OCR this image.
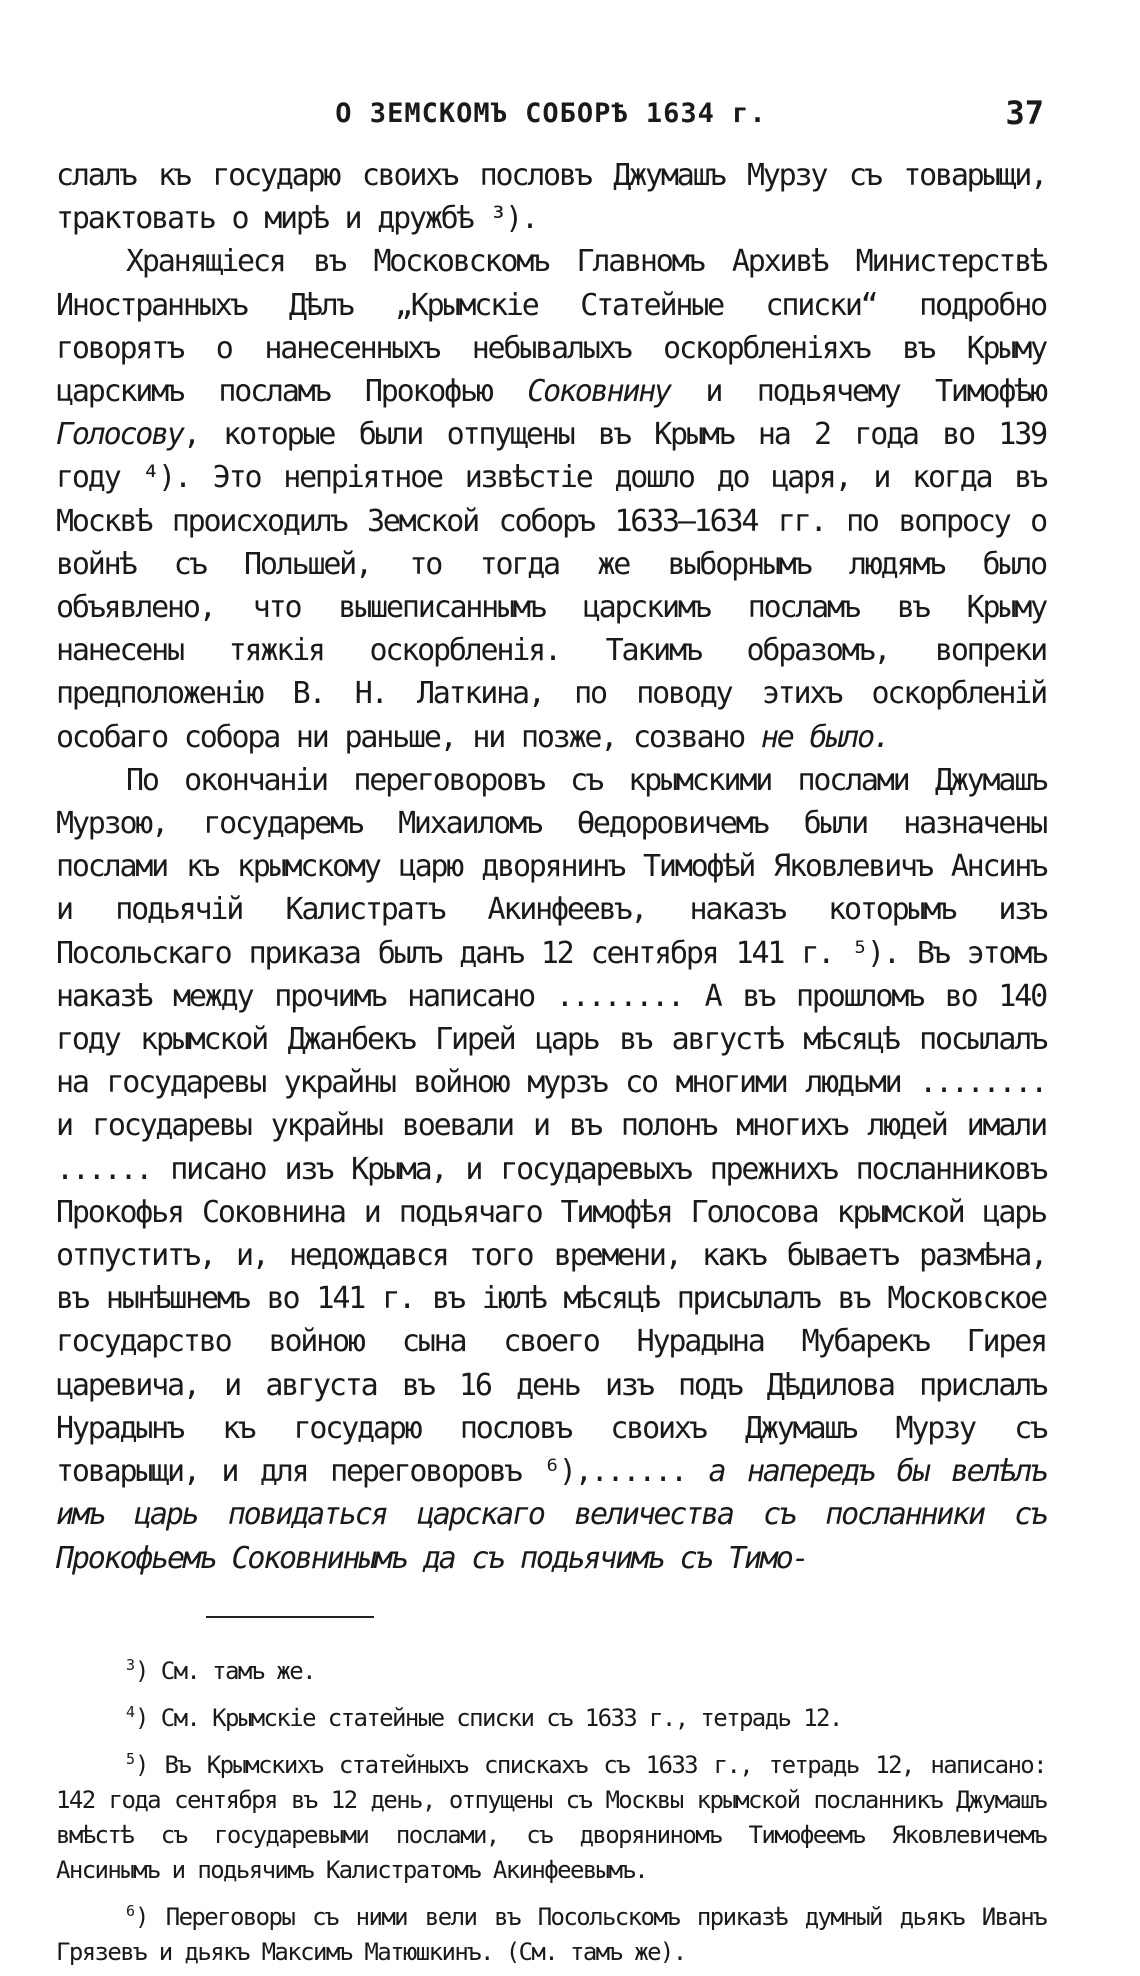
О ЗЕМСКОМЪ СОБОРѢ 1634 г.	37

слалъ къ государю своихъ пословъ Джумашъ Мурзу съ товарыщи, трактовать о мирѣ и дружбѣ ³).

Хранящіеся въ Московскомъ Главномъ Архивѣ Министерствѣ Иностранныхъ Дѣлъ „Крымскіе Статейные списки“ подробно говорятъ о нанесенныхъ небывалыхъ оскорбленіяхъ въ Крыму царскимъ посламъ Прокофью Соковнину и подьячему Тимофѣю Голосову, которые были отпущены въ Крымъ на 2 года во 139 году ⁴). Это непріятное извѣстіе дошло до царя, и когда въ Москвѣ происходилъ Земской соборъ 1633—1634 гг. по вопросу о войнѣ съ Польшей, то тогда же выборнымъ людямъ было объявлено, что вышеписаннымъ царскимъ посламъ въ Крыму нанесены тяжкія оскорбленія. Такимъ образомъ, вопреки предположенію В. Н. Латкина, по поводу этихъ оскорбленій особаго собора ни раньше, ни позже, созвано не было.

По окончаніи переговоровъ съ крымскими послами Джумашъ Мурзою, государемъ Михаиломъ Ѳедоровичемъ были назначены послами къ крымскому царю дворянинъ Тимофѣй Яковлевичъ Ансинъ и подьячій Калистратъ Акинфеевъ, наказъ которымъ изъ Посольскаго приказа былъ данъ 12 сентября 141 г. ⁵). Въ этомъ наказѣ между прочимъ написано ........ А въ прошломъ во 140 году крымской Джанбекъ Гирей царь въ августѣ мѣсяцѣ посылалъ на государевы украйны войною мурзъ со многими людьми ........ и государевы украйны воевали и въ полонъ многихъ людей имали ...... писано изъ Крыма, и государевыхъ прежнихъ посланниковъ Прокофья Соковнина и подьячаго Тимофѣя Голосова крымской царь отпуститъ, и, недождався того времени, какъ бываетъ размѣна, въ нынѣшнемъ во 141 г. въ іюлѣ мѣсяцѣ присылалъ въ Московское государство войною сына своего Нурадына Мубарекъ Гирея царевича, и августа въ 16 день изъ подъ Дѣдилова прислалъ Нурадынъ къ государю пословъ своихъ Джумашъ Мурзу съ товарыщи, и для переговоровъ ⁶),...... а напередъ бы велѣлъ имъ царь повидаться царскаго величества съ посланники съ Прокофьемъ Соковнинымъ да съ подьячимъ съ Тимо-

$^3$) См. тамъ же.

$^4$) См. Крымскіе статейные списки съ 1633 г., тетрадь 12.

$^5$) Въ Крымскихъ статейныхъ спискахъ съ 1633 г., тетрадь 12, написано: 142 года сентября въ 12 день, отпущены съ Москвы крымской посланникъ Джумашъ вмѣстѣ съ государевыми послами, съ дворяниномъ Тимофеемъ Яковлевичемъ Ансинымъ и подьячимъ Калистратомъ Акинфеевымъ.

$^6$) Переговоры съ ними вели въ Посольскомъ приказѣ думный дьякъ Иванъ Грязевъ и дьякъ Максимъ Матюшкинъ. (См. тамъ же).
